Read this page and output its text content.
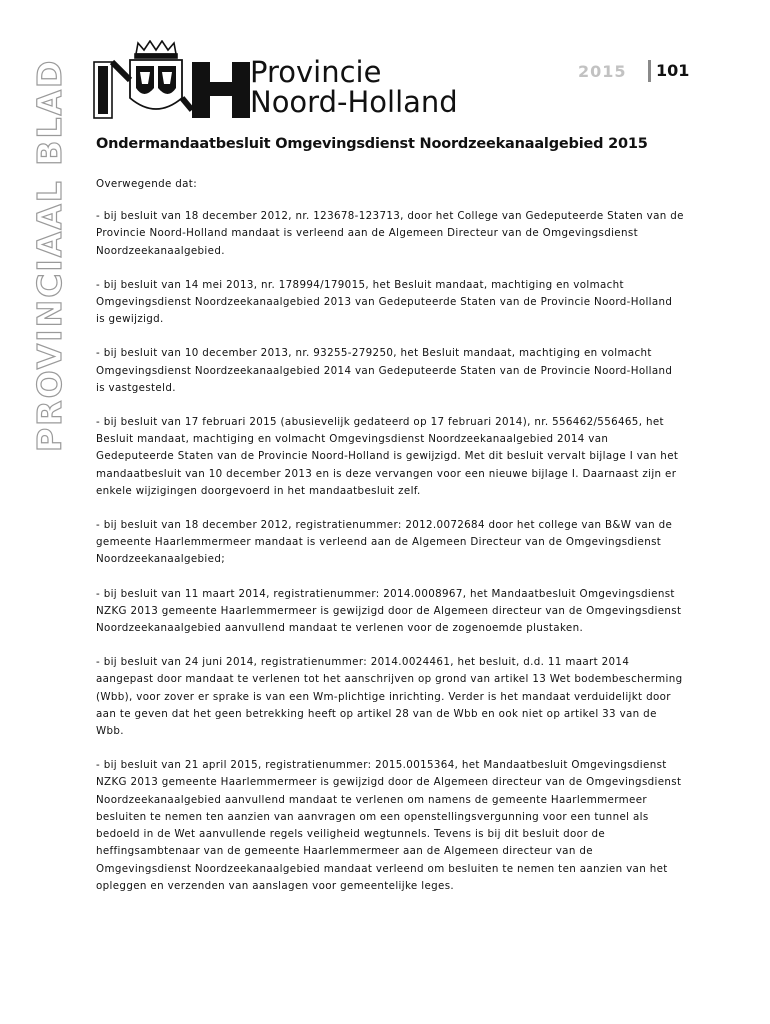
PROVINCIAAL BLAD	Provincie
Noord-Holland
2015 101
Ondermandaatbesluit Omgevingsdienst Noordzeekanaalgebied 2015

Overwegende dat:

- bij besluit van 18 december 2012, nr. 123678-123713, door het College van Gedeputeerde Staten van de Provincie Noord-Holland mandaat is verleend aan de Algemeen Directeur van de Omgevingsdienst Noordzeekanaalgebied.

- bij besluit van 14 mei 2013, nr. 178994/179015, het Besluit mandaat, machtiging en volmacht Omgevingsdienst Noordzeekanaalgebied 2013 van Gedeputeerde Staten van de Provincie Noord-Holland is gewijzigd.

- bij besluit van 10 december 2013, nr. 93255-279250, het Besluit mandaat, machtiging en volmacht Omgevingsdienst Noordzeekanaalgebied 2014 van Gedeputeerde Staten van de Provincie Noord-Holland is vastgesteld.

- bij besluit van 17 februari 2015 (abusievelijk gedateerd op 17 februari 2014), nr. 556462/556465, het Besluit mandaat, machtiging en volmacht Omgevingsdienst Noordzeekanaalgebied 2014 van Gedeputeerde Staten van de Provincie Noord-Holland is gewijzigd. Met dit besluit vervalt bijlage I van het mandaatbesluit van 10 december 2013 en is deze vervangen voor een nieuwe bijlage I. Daarnaast zijn er enkele wijzigingen doorgevoerd in het mandaatbesluit zelf.

- bij besluit van 18 december 2012, registratienummer: 2012.0072684 door het college van B&W van de gemeente Haarlemmermeer mandaat is verleend aan de Algemeen Directeur van de Omgevingsdienst Noordzeekanaalgebied;

- bij besluit van 11 maart 2014, registratienummer: 2014.0008967, het Mandaatbesluit Omgevingsdienst NZKG 2013 gemeente Haarlemmermeer is gewijzigd door de Algemeen directeur van de Omgevingsdienst Noordzeekanaalgebied aanvullend mandaat te verlenen voor de zogenoemde plustaken.

- bij besluit van 24 juni 2014, registratienummer: 2014.0024461, het besluit, d.d. 11 maart 2014 aangepast door mandaat te verlenen tot het aanschrijven op grond van artikel 13 Wet bodembescherming (Wbb), voor zover er sprake is van een Wm-plichtige inrichting. Verder is het mandaat verduidelijkt door aan te geven dat het geen betrekking heeft op artikel 28 van de Wbb en ook niet op artikel 33 van de Wbb.

- bij besluit van 21 april 2015, registratienummer: 2015.0015364, het Mandaatbesluit Omgevingsdienst NZKG 2013 gemeente Haarlemmermeer is gewijzigd door de Algemeen directeur van de Omgevingsdienst Noordzeekanaalgebied aanvullend mandaat te verlenen om namens de gemeente Haarlemmermeer besluiten te nemen ten aanzien van aanvragen om een openstellingsvergunning voor een tunnel als bedoeld in de Wet aanvullende regels veiligheid wegtunnels. Tevens is bij dit besluit door de heffingsambtenaar van de gemeente Haarlemmermeer aan de Algemeen directeur van de Omgevingsdienst Noordzeekanaalgebied mandaat verleend om besluiten te nemen ten aanzien van het opleggen en verzenden van aanslagen voor gemeentelijke leges.
